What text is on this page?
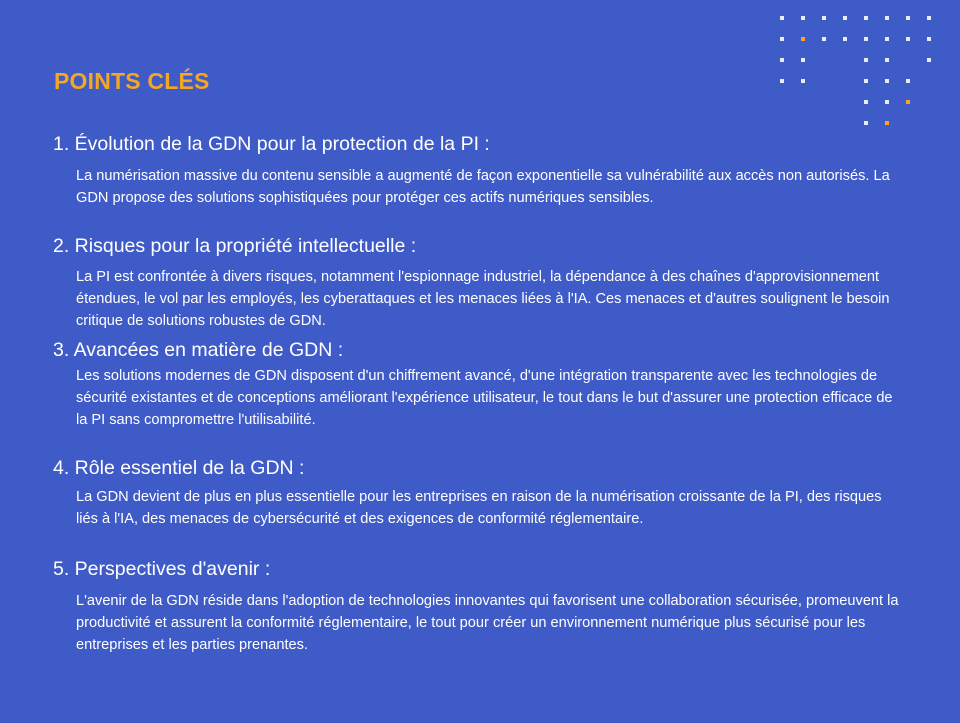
POINTS CLÉS
1. Évolution de la GDN pour la protection de la PI :

La numérisation massive du contenu sensible a augmenté de façon exponentielle sa vulnérabilité aux accès non autorisés. La GDN propose des solutions sophistiquées pour protéger ces actifs numériques sensibles.

2. Risques pour la propriété intellectuelle :

La PI est confrontée à divers risques, notamment l'espionnage industriel, la dépendance à des chaînes d'approvisionnement étendues, le vol par les employés, les cyberattaques et les menaces liées à l'IA. Ces menaces et d'autres soulignent le besoin critique de solutions robustes de GDN.

3. Avancées en matière de GDN :

Les solutions modernes de GDN disposent d'un chiffrement avancé, d'une intégration transparente avec les technologies de sécurité existantes et de conceptions améliorant l'expérience utilisateur, le tout dans le but d'assurer une protection efficace de la PI sans compromettre l'utilisabilité.

4. Rôle essentiel de la GDN :

La GDN devient de plus en plus essentielle pour les entreprises en raison de la numérisation croissante de la PI, des risques liés à l'IA, des menaces de cybersécurité et des exigences de conformité réglementaire.

5. Perspectives d'avenir :

L'avenir de la GDN réside dans l'adoption de technologies innovantes qui favorisent une collaboration sécurisée, promeuvent la productivité et assurent la conformité réglementaire, le tout pour créer un environnement numérique plus sécurisé pour les entreprises et les parties prenantes.
